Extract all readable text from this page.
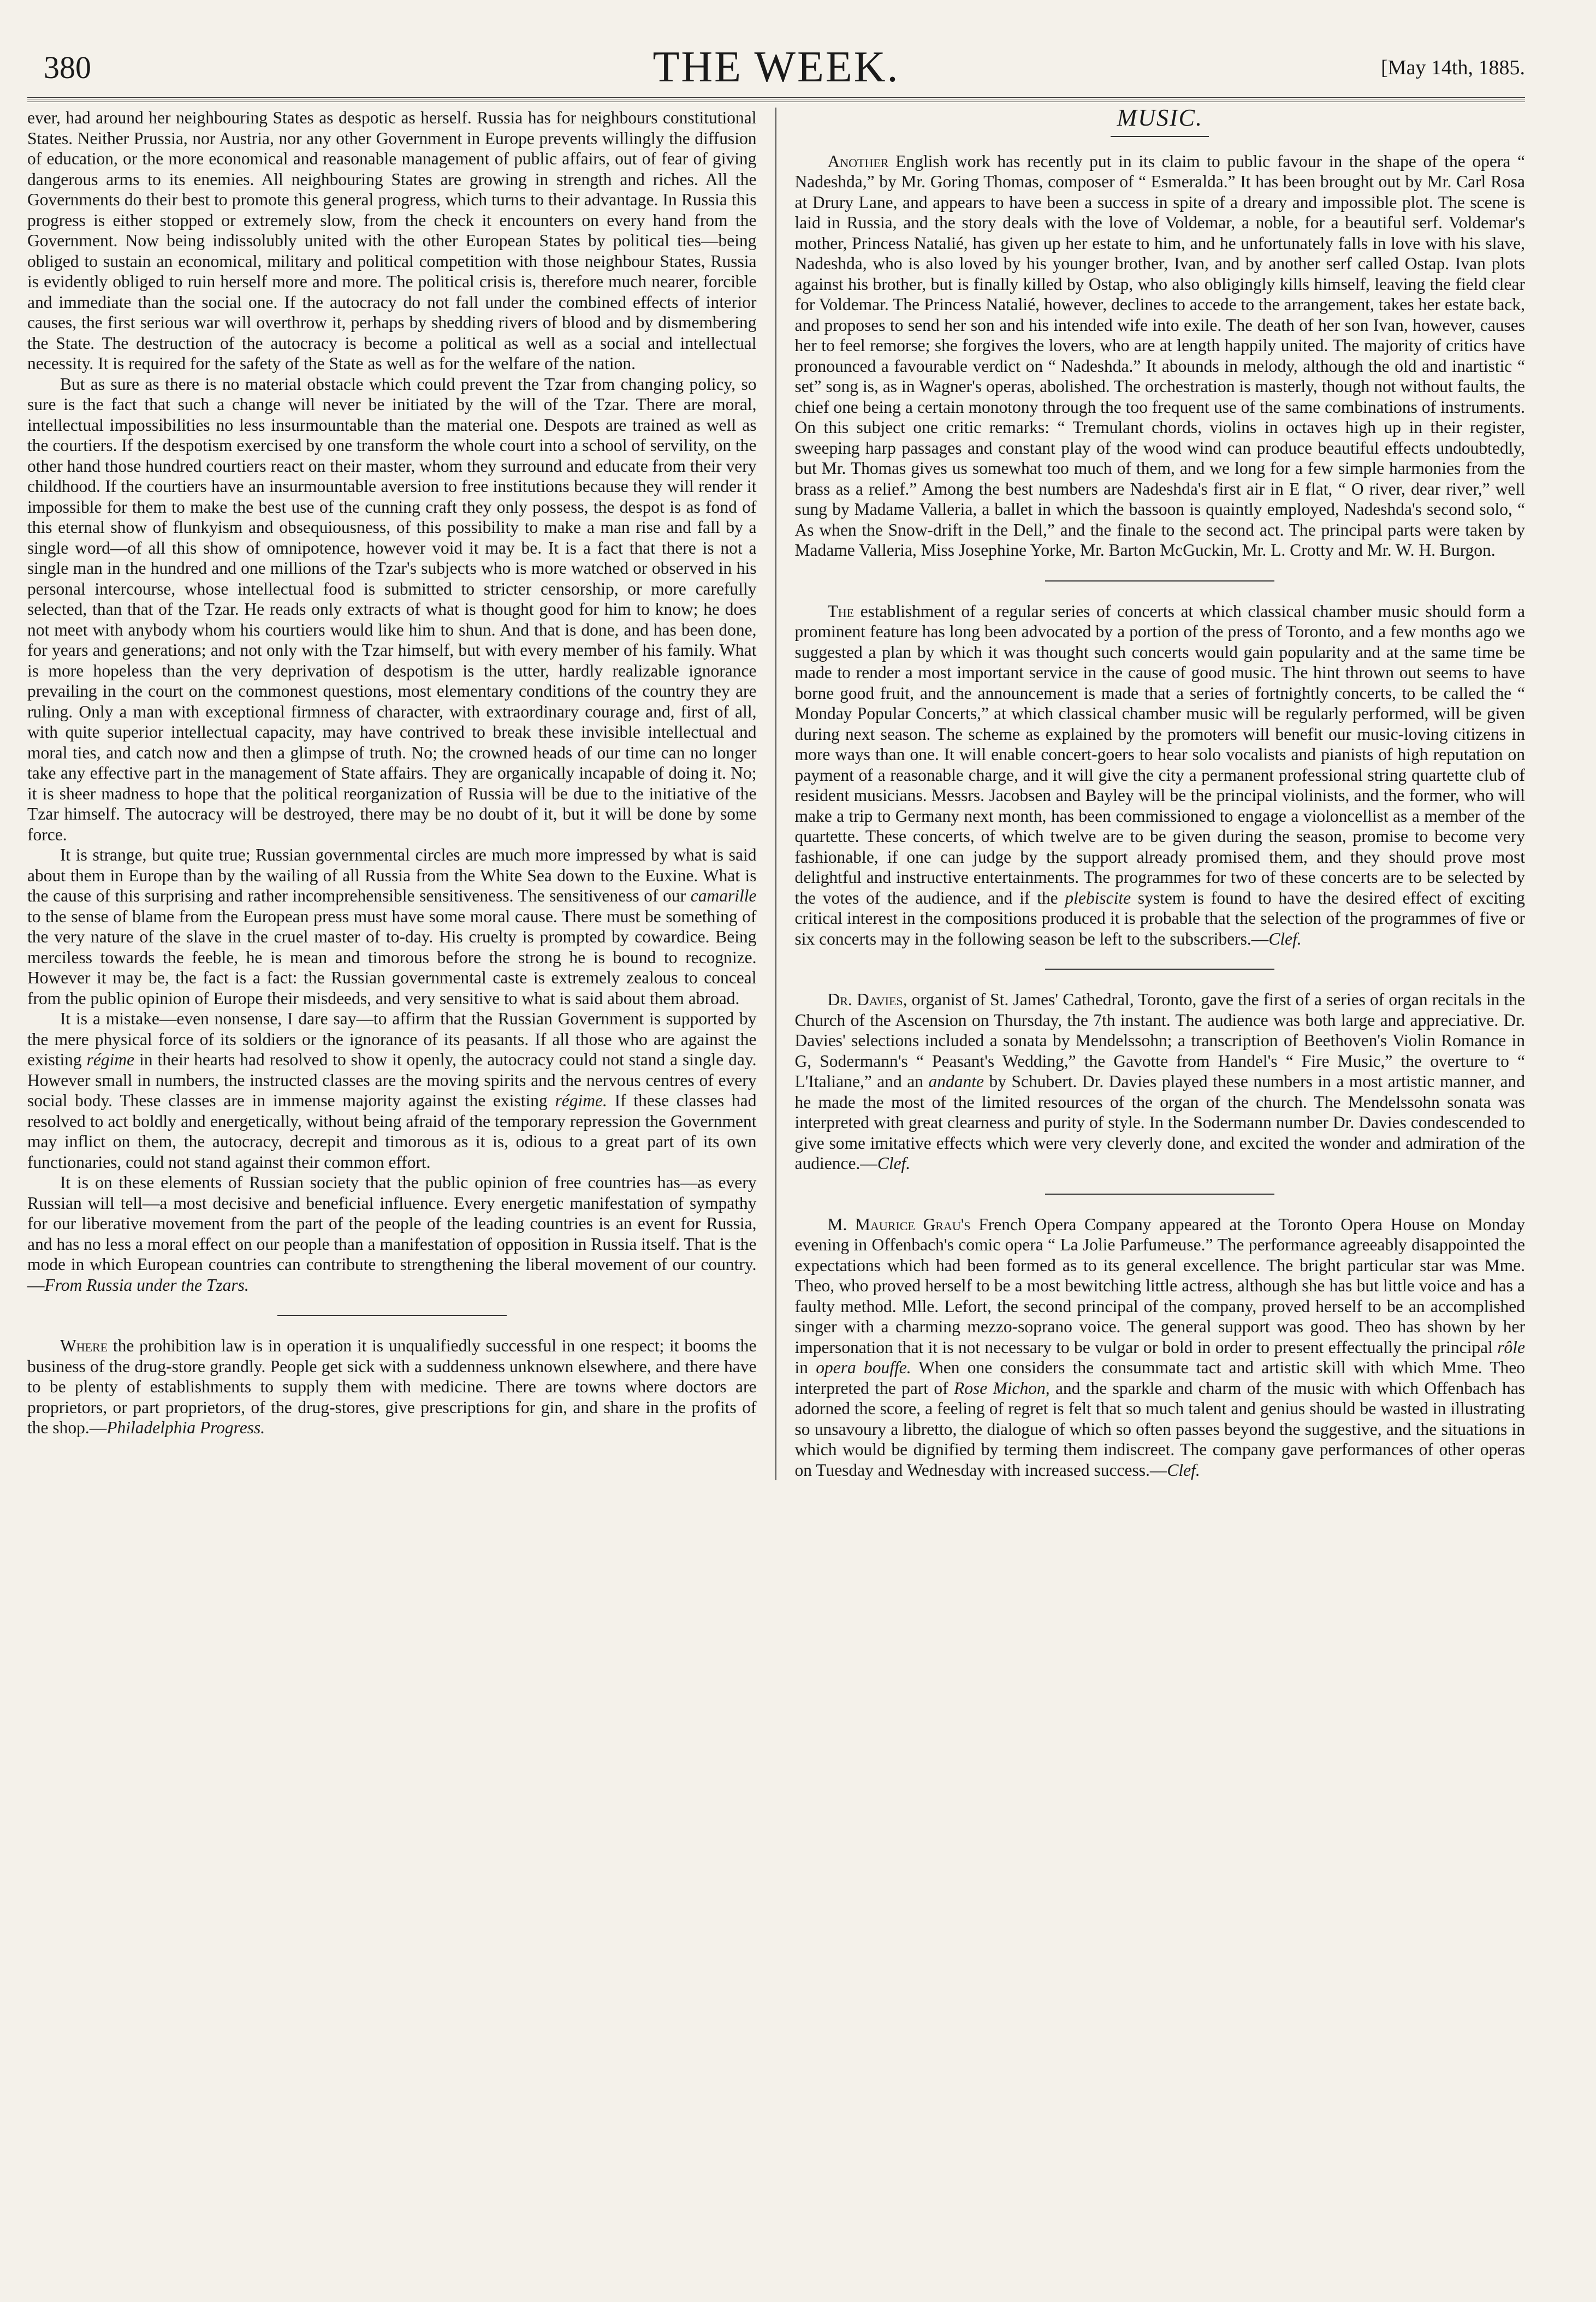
380	THE WEEK.	[May 14th, 1885.

ever, had around her neighbouring States as despotic as herself. Russia has for neighbours constitutional States. Neither Prussia, nor Austria, nor any other Government in Europe prevents willingly the diffusion of education, or the more economical and reasonable management of public affairs, out of fear of giving dangerous arms to its enemies. All neighbouring States are growing in strength and riches. All the Governments do their best to promote this general progress, which turns to their advantage. In Russia this progress is either stopped or extremely slow, from the check it encounters on every hand from the Government. Now being indissolubly united with the other European States by political ties—being obliged to sustain an economical, military and political competition with those neighbour States, Russia is evidently obliged to ruin herself more and more. The political crisis is, therefore much nearer, forcible and immediate than the social one. If the autocracy do not fall under the combined effects of interior causes, the first serious war will overthrow it, perhaps by shedding rivers of blood and by dismembering the State. The destruction of the autocracy is become a political as well as a social and intellectual necessity. It is required for the safety of the State as well as for the welfare of the nation.

But as sure as there is no material obstacle which could prevent the Tzar from changing policy, so sure is the fact that such a change will never be initiated by the will of the Tzar. There are moral, intellectual impossibilities no less insurmountable than the material one. Despots are trained as well as the courtiers. If the despotism exercised by one transform the whole court into a school of servility, on the other hand those hundred courtiers react on their master, whom they surround and educate from their very childhood. If the courtiers have an insurmountable aversion to free institutions because they will render it impossible for them to make the best use of the cunning craft they only possess, the despot is as fond of this eternal show of flunkyism and obsequiousness, of this possibility to make a man rise and fall by a single word—of all this show of omnipotence, however void it may be. It is a fact that there is not a single man in the hundred and one millions of the Tzar's subjects who is more watched or observed in his personal intercourse, whose intellectual food is submitted to stricter censorship, or more carefully selected, than that of the Tzar. He reads only extracts of what is thought good for him to know; he does not meet with anybody whom his courtiers would like him to shun. And that is done, and has been done, for years and generations; and not only with the Tzar himself, but with every member of his family. What is more hopeless than the very deprivation of despotism is the utter, hardly realizable ignorance prevailing in the court on the commonest questions, most elementary conditions of the country they are ruling. Only a man with exceptional firmness of character, with extraordinary courage and, first of all, with quite superior intellectual capacity, may have contrived to break these invisible intellectual and moral ties, and catch now and then a glimpse of truth. No; the crowned heads of our time can no longer take any effective part in the management of State affairs. They are organically incapable of doing it. No; it is sheer madness to hope that the political reorganization of Russia will be due to the initiative of the Tzar himself. The autocracy will be destroyed, there may be no doubt of it, but it will be done by some force.

It is strange, but quite true; Russian governmental circles are much more impressed by what is said about them in Europe than by the wailing of all Russia from the White Sea down to the Euxine. What is the cause of this surprising and rather incomprehensible sensitiveness. The sensitiveness of our camarille to the sense of blame from the European press must have some moral cause. There must be something of the very nature of the slave in the cruel master of to-day. His cruelty is prompted by cowardice. Being merciless towards the feeble, he is mean and timorous before the strong he is bound to recognize. However it may be, the fact is a fact: the Russian governmental caste is extremely zealous to conceal from the public opinion of Europe their misdeeds, and very sensitive to what is said about them abroad.

It is a mistake—even nonsense, I dare say—to affirm that the Russian Government is supported by the mere physical force of its soldiers or the ignorance of its peasants. If all those who are against the existing régime in their hearts had resolved to show it openly, the autocracy could not stand a single day. However small in numbers, the instructed classes are the moving spirits and the nervous centres of every social body. These classes are in immense majority against the existing régime. If these classes had resolved to act boldly and energetically, without being afraid of the temporary repression the Government may inflict on them, the autocracy, decrepit and timorous as it is, odious to a great part of its own functionaries, could not stand against their common effort.

It is on these elements of Russian society that the public opinion of free countries has—as every Russian will tell—a most decisive and beneficial influence. Every energetic manifestation of sympathy for our liberative movement from the part of the people of the leading countries is an event for Russia, and has no less a moral effect on our people than a manifestation of opposition in Russia itself. That is the mode in which European countries can contribute to strengthening the liberal movement of our country.—From Russia under the Tzars.

Where the prohibition law is in operation it is unqualifiedly successful in one respect; it booms the business of the drug-store grandly. People get sick with a suddenness unknown elsewhere, and there have to be plenty of establishments to supply them with medicine. There are towns where doctors are proprietors, or part proprietors, of the drug-stores, give prescriptions for gin, and share in the profits of the shop.—Philadelphia Progress.

MUSIC.

Another English work has recently put in its claim to public favour in the shape of the opera “ Nadeshda,” by Mr. Goring Thomas, composer of “ Esmeralda.” It has been brought out by Mr. Carl Rosa at Drury Lane, and appears to have been a success in spite of a dreary and impossible plot. The scene is laid in Russia, and the story deals with the love of Voldemar, a noble, for a beautiful serf. Voldemar's mother, Princess Natalié, has given up her estate to him, and he unfortunately falls in love with his slave, Nadeshda, who is also loved by his younger brother, Ivan, and by another serf called Ostap. Ivan plots against his brother, but is finally killed by Ostap, who also obligingly kills himself, leaving the field clear for Voldemar. The Princess Natalié, however, declines to accede to the arrangement, takes her estate back, and proposes to send her son and his intended wife into exile. The death of her son Ivan, however, causes her to feel remorse; she forgives the lovers, who are at length happily united. The majority of critics have pronounced a favourable verdict on “ Nadeshda.” It abounds in melody, although the old and inartistic “ set” song is, as in Wagner's operas, abolished. The orchestration is masterly, though not without faults, the chief one being a certain monotony through the too frequent use of the same combinations of instruments. On this subject one critic remarks: “ Tremulant chords, violins in octaves high up in their register, sweeping harp passages and constant play of the wood wind can produce beautiful effects undoubtedly, but Mr. Thomas gives us somewhat too much of them, and we long for a few simple harmonies from the brass as a relief.” Among the best numbers are Nadeshda's first air in E flat, “ O river, dear river,” well sung by Madame Valleria, a ballet in which the bassoon is quaintly employed, Nadeshda's second solo, “ As when the Snow-drift in the Dell,” and the finale to the second act. The principal parts were taken by Madame Valleria, Miss Josephine Yorke, Mr. Barton McGuckin, Mr. L. Crotty and Mr. W. H. Burgon.

The establishment of a regular series of concerts at which classical chamber music should form a prominent feature has long been advocated by a portion of the press of Toronto, and a few months ago we suggested a plan by which it was thought such concerts would gain popularity and at the same time be made to render a most important service in the cause of good music. The hint thrown out seems to have borne good fruit, and the announcement is made that a series of fortnightly concerts, to be called the “ Monday Popular Concerts,” at which classical chamber music will be regularly performed, will be given during next season. The scheme as explained by the promoters will benefit our music-loving citizens in more ways than one. It will enable concert-goers to hear solo vocalists and pianists of high reputation on payment of a reasonable charge, and it will give the city a permanent professional string quartette club of resident musicians. Messrs. Jacobsen and Bayley will be the principal violinists, and the former, who will make a trip to Germany next month, has been commissioned to engage a violoncellist as a member of the quartette. These concerts, of which twelve are to be given during the season, promise to become very fashionable, if one can judge by the support already promised them, and they should prove most delightful and instructive entertainments. The programmes for two of these concerts are to be selected by the votes of the audience, and if the plebiscite system is found to have the desired effect of exciting critical interest in the compositions produced it is probable that the selection of the programmes of five or six concerts may in the following season be left to the subscribers.—Clef.

Dr. Davies, organist of St. James' Cathedral, Toronto, gave the first of a series of organ recitals in the Church of the Ascension on Thursday, the 7th instant. The audience was both large and appreciative. Dr. Davies' selections included a sonata by Mendelssohn; a transcription of Beethoven's Violin Romance in G, Sodermann's “ Peasant's Wedding,” the Gavotte from Handel's “ Fire Music,” the overture to “ L'Italiane,” and an andante by Schubert. Dr. Davies played these numbers in a most artistic manner, and he made the most of the limited resources of the organ of the church. The Mendelssohn sonata was interpreted with great clearness and purity of style. In the Sodermann number Dr. Davies condescended to give some imitative effects which were very cleverly done, and excited the wonder and admiration of the audience.—Clef.

M. Maurice Grau's French Opera Company appeared at the Toronto Opera House on Monday evening in Offenbach's comic opera “ La Jolie Parfumeuse.” The performance agreeably disappointed the expectations which had been formed as to its general excellence. The bright particular star was Mme. Theo, who proved herself to be a most bewitching little actress, although she has but little voice and has a faulty method. Mlle. Lefort, the second principal of the company, proved herself to be an accomplished singer with a charming mezzo-soprano voice. The general support was good. Theo has shown by her impersonation that it is not necessary to be vulgar or bold in order to present effectually the principal rôle in opera bouffe. When one considers the consummate tact and artistic skill with which Mme. Theo interpreted the part of Rose Michon, and the sparkle and charm of the music with which Offenbach has adorned the score, a feeling of regret is felt that so much talent and genius should be wasted in illustrating so unsavoury a libretto, the dialogue of which so often passes beyond the suggestive, and the situations in which would be dignified by terming them indiscreet. The company gave performances of other operas on Tuesday and Wednesday with increased success.—Clef.
